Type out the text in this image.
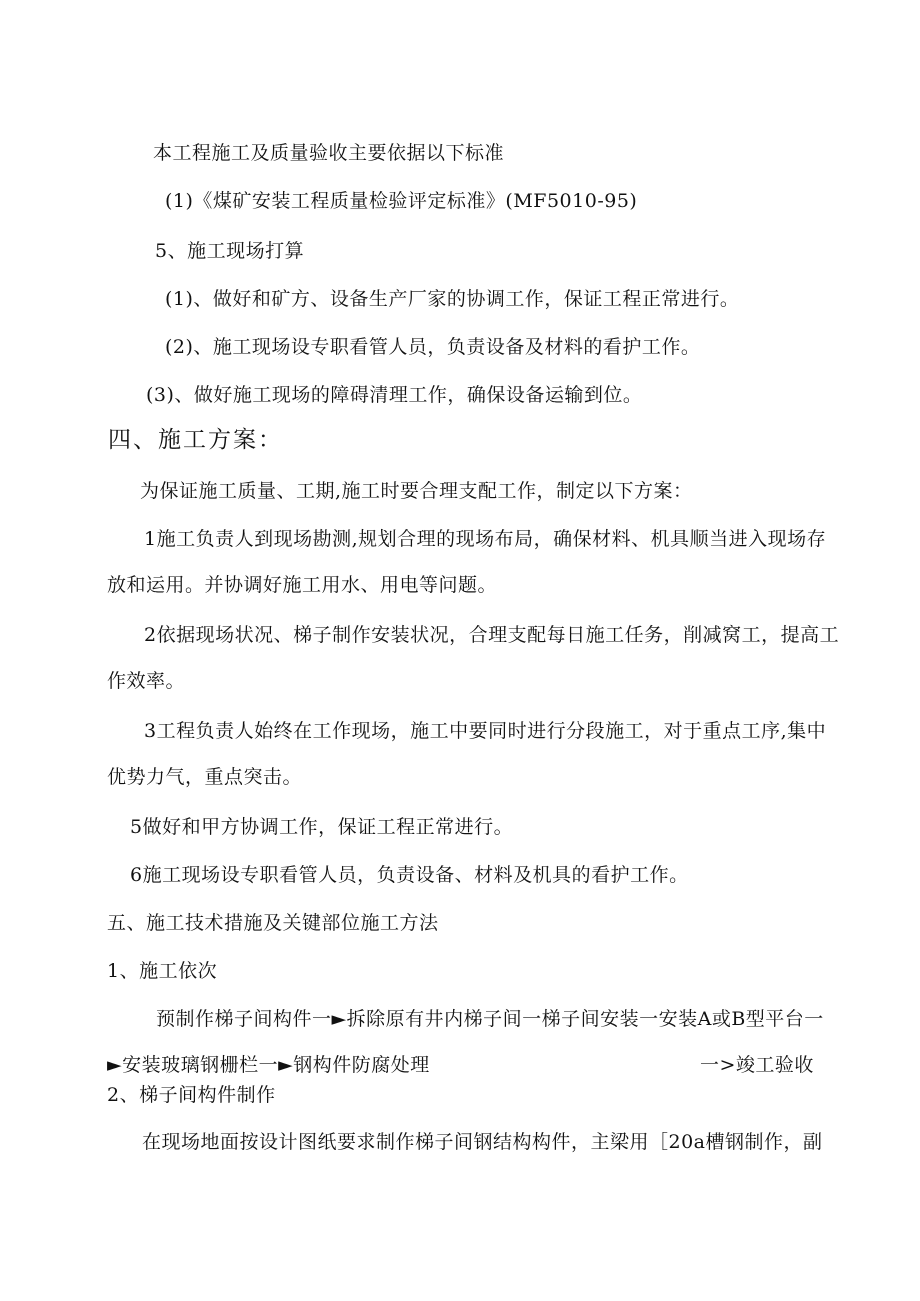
本工程施工及质量验收主要依据以下标准
(1)《煤矿安装工程质量检验评定标准》(MF5010-95)
5、施工现场打算
(1)、做好和矿方、设备生产厂家的协调工作，保证工程正常进行。
(2)、施工现场设专职看管人员，负责设备及材料的看护工作。
(3)、做好施工现场的障碍清理工作，确保设备运输到位。
四、施工方案：
为保证施工质量、工期,施工时要合理支配工作，制定以下方案：
1施工负责人到现场勘测,规划合理的现场布局，确保材料、机具顺当进入现场存
放和运用。并协调好施工用水、用电等问题。
2依据现场状况、梯子制作安装状况，合理支配每日施工任务，削减窝工，提高工
作效率。
3工程负责人始终在工作现场，施工中要同时进行分段施工，对于重点工序,集中
优势力气，重点突击。
5做好和甲方协调工作，保证工程正常进行。
6施工现场设专职看管人员，负责设备、材料及机具的看护工作。
五、施工技术措施及关键部位施工方法
1、施工依次
预制作梯子间构件一►拆除原有井内梯子间一梯子间安装一安装A或B型平台一
►安装玻璃钢栅栏一►钢构件防腐处理	一>竣工验收
2、梯子间构件制作
在现场地面按设计图纸要求制作梯子间钢结构构件，主梁用［20a槽钢制作，副
